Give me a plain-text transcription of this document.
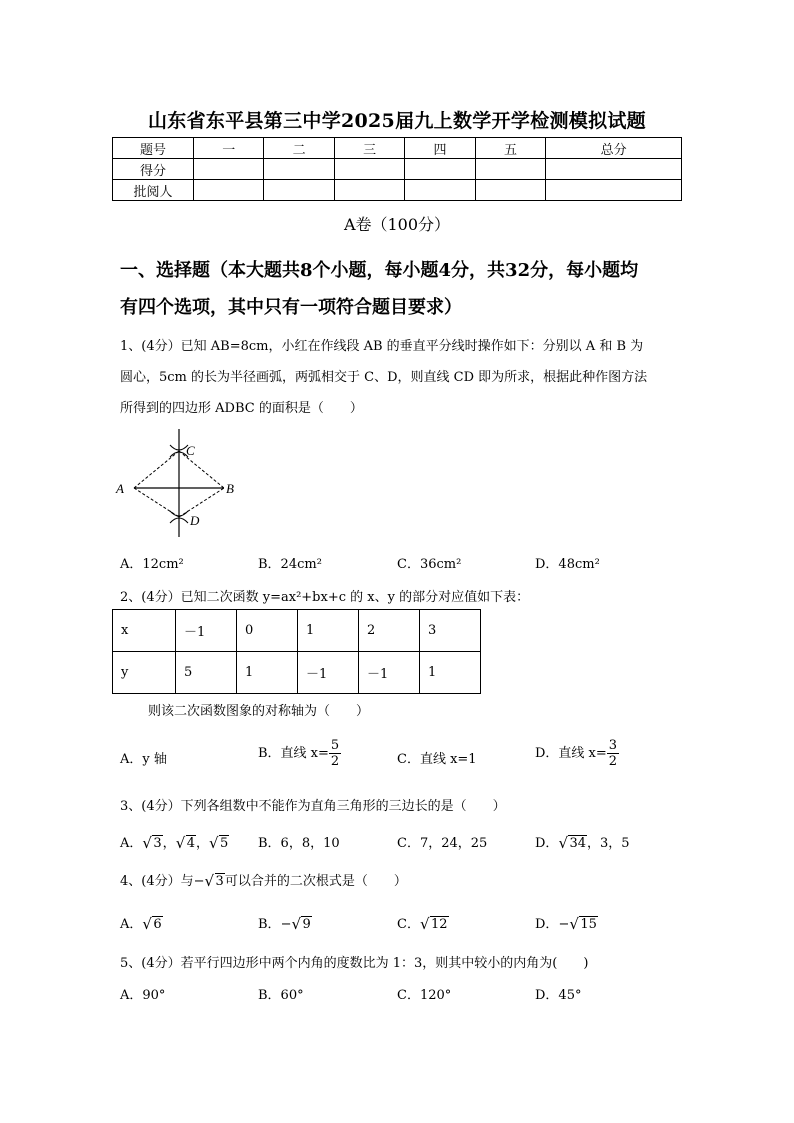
山东省东平县第三中学2025届九上数学开学检测模拟试题
题号	一	二	三	四	五	总分
得分						
批阅人						
A卷（100分）
一、选择题（本大题共8个小题，每小题4分，共32分，每小题均
有四个选项，其中只有一项符合题目要求）
1、(4分）已知 AB=8cm，小红在作线段 AB 的垂直平分线时操作如下：分别以 A 和 B 为
圆心，5cm 的长为半径画弧，两弧相交于 C、D，则直线 CD 即为所求，根据此种作图方法
所得到的四边形 ADBC 的面积是（　　）
A	B
C
D
A．12cm²	B．24cm²	C．36cm²	D．48cm²
2、(4分）已知二次函数 y=ax²+bx+c 的 x、y 的部分对应值如下表：
x	－1	0	1	2	3
y	5	1	－1	－1	1
则该二次函数图象的对称轴为（　　）
A．y 轴	B．直线 $x= \frac{5}{2}$	C．直线 x=1	D．直线 $x= \frac{3}{2}$
3、(4分）下列各组数中不能作为直角三角形的三边长的是（　　）
A． √ 3， √ 4， √ 5 B．6，8，10	C．7，24，25	D． √ 34，3，5
4、(4分）与− √ 3可以合并的二次根式是（　　）
A． √ 6	B．− √ 9	C． √ 12	D．− √ 15
5、(4分）若平行四边形中两个内角的度数比为 1：3，则其中较小的内角为(　　)
A．90°	B．60°	C．120°	D．45°
